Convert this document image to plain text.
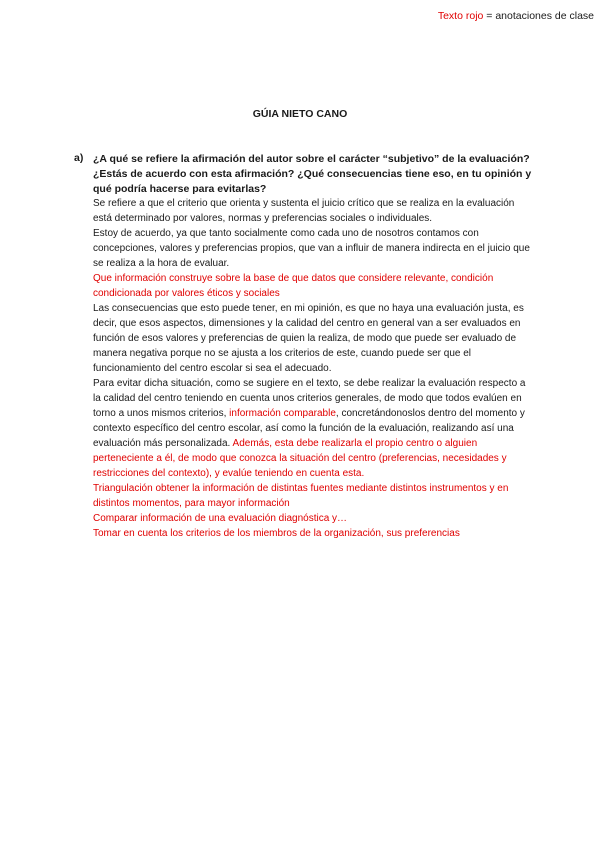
Texto rojo = anotaciones de clase
GÚIA NIETO CANO
a) ¿A qué se refiere la afirmación del autor sobre el carácter “subjetivo” de la evaluación? ¿Estás de acuerdo con esta afirmación? ¿Qué consecuencias tiene eso, en tu opinión y qué podría hacerse para evitarlas?

Se refiere a que el criterio que orienta y sustenta el juicio crítico que se realiza en la evaluación está determinado por valores, normas y preferencias sociales o individuales.

Estoy de acuerdo, ya que tanto socialmente como cada uno de nosotros contamos con concepciones, valores y preferencias propios, que van a influir de manera indirecta en el juicio que se realiza a la hora de evaluar.

Que información construye sobre la base de que datos que considere relevante, condición condicionada por valores éticos y sociales

Las consecuencias que esto puede tener, en mi opinión, es que no haya una evaluación justa, es decir, que esos aspectos, dimensiones y la calidad del centro en general van a ser evaluados en función de esos valores y preferencias de quien la realiza, de modo que puede ser evaluado de manera negativa porque no se ajusta a los criterios de este, cuando puede ser que el funcionamiento del centro escolar si sea el adecuado.

Para evitar dicha situación, como se sugiere en el texto, se debe realizar la evaluación respecto a la calidad del centro teniendo en cuenta unos criterios generales, de modo que todos evalúen en torno a unos mismos criterios, información comparable, concretándonoslos dentro del momento y contexto específico del centro escolar, así como la función de la evaluación, realizando así una evaluación más personalizada. Además, esta debe realizarla el propio centro o alguien perteneciente a él, de modo que conozca la situación del centro (preferencias, necesidades y restricciones del contexto), y evalúe teniendo en cuenta esta.

Triangulación obtener la información de distintas fuentes mediante distintos instrumentos y en distintos momentos, para mayor información

Comparar información de una evaluación diagnóstica y…

Tomar en cuenta los criterios de los miembros de la organización, sus preferencias
